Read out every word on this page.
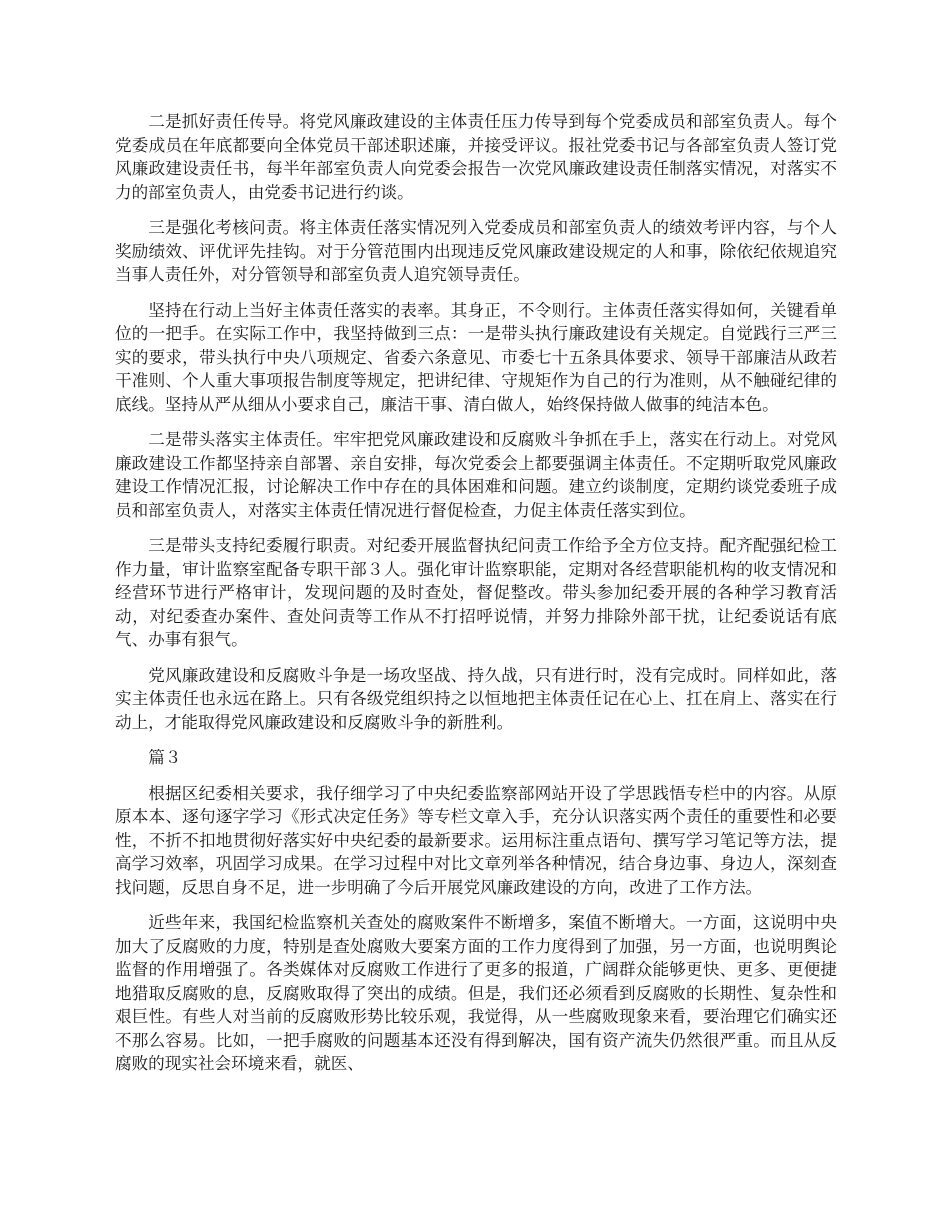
二是抓好责任传导。将党风廉政建设的主体责任压力传导到每个党委成员和部室负责人。每个党委成员在年底都要向全体党员干部述职述廉，并接受评议。报社党委书记与各部室负责人签订党风廉政建设责任书，每半年部室负责人向党委会报告一次党风廉政建设责任制落实情况，对落实不力的部室负责人，由党委书记进行约谈。

三是强化考核问责。将主体责任落实情况列入党委成员和部室负责人的绩效考评内容，与个人奖励绩效、评优评先挂钩。对于分管范围内出现违反党风廉政建设规定的人和事，除依纪依规追究当事人责任外，对分管领导和部室负责人追究领导责任。

坚持在行动上当好主体责任落实的表率。其身正，不令则行。主体责任落实得如何，关键看单位的一把手。在实际工作中，我坚持做到三点：一是带头执行廉政建设有关规定。自觉践行三严三实的要求，带头执行中央八项规定、省委六条意见、市委七十五条具体要求、领导干部廉洁从政若干准则、个人重大事项报告制度等规定，把讲纪律、守规矩作为自己的行为准则，从不触碰纪律的底线。坚持从严从细从小要求自己，廉洁干事、清白做人，始终保持做人做事的纯洁本色。

二是带头落实主体责任。牢牢把党风廉政建设和反腐败斗争抓在手上，落实在行动上。对党风廉政建设工作都坚持亲自部署、亲自安排，每次党委会上都要强调主体责任。不定期听取党风廉政建设工作情况汇报，讨论解决工作中存在的具体困难和问题。建立约谈制度，定期约谈党委班子成员和部室负责人，对落实主体责任情况进行督促检查，力促主体责任落实到位。

三是带头支持纪委履行职责。对纪委开展监督执纪问责工作给予全方位支持。配齐配强纪检工作力量，审计监察室配备专职干部３人。强化审计监察职能，定期对各经营职能机构的收支情况和经营环节进行严格审计，发现问题的及时查处，督促整改。带头参加纪委开展的各种学习教育活动，对纪委查办案件、查处问责等工作从不打招呼说情，并努力排除外部干扰，让纪委说话有底气、办事有狠气。

党风廉政建设和反腐败斗争是一场攻坚战、持久战，只有进行时，没有完成时。同样如此，落实主体责任也永远在路上。只有各级党组织持之以恒地把主体责任记在心上、扛在肩上、落实在行动上，才能取得党风廉政建设和反腐败斗争的新胜利。

篇３

根据区纪委相关要求，我仔细学习了中央纪委监察部网站开设了学思践悟专栏中的内容。从原原本本、逐句逐字学习《形式决定任务》等专栏文章入手，充分认识落实两个责任的重要性和必要性，不折不扣地贯彻好落实好中央纪委的最新要求。运用标注重点语句、撰写学习笔记等方法，提高学习效率，巩固学习成果。在学习过程中对比文章列举各种情况，结合身边事、身边人，深刻查找问题，反思自身不足，进一步明确了今后开展党风廉政建设的方向，改进了工作方法。

近些年来，我国纪检监察机关查处的腐败案件不断增多，案值不断增大。一方面，这说明中央加大了反腐败的力度，特别是查处腐败大要案方面的工作力度得到了加强，另一方面，也说明舆论监督的作用增强了。各类媒体对反腐败工作进行了更多的报道，广阔群众能够更快、更多、更便捷地猎取反腐败的息，反腐败取得了突出的成绩。但是，我们还必须看到反腐败的长期性、复杂性和艰巨性。有些人对当前的反腐败形势比较乐观，我觉得，从一些腐败现象来看，要治理它们确实还不那么容易。比如，一把手腐败的问题基本还没有得到解决，国有资产流失仍然很严重。而且从反腐败的现实社会环境来看，就医、
